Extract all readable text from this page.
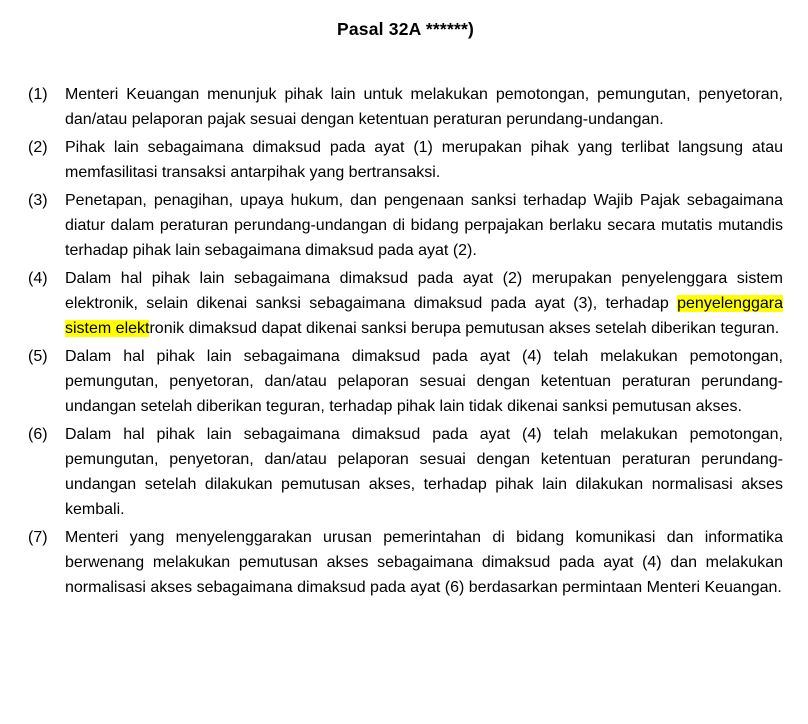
Pasal 32A ******)
(1)	Menteri Keuangan menunjuk pihak lain untuk melakukan pemotongan, pemungutan, penyetoran, dan/atau pelaporan pajak sesuai dengan ketentuan peraturan perundang-undangan.
(2)	Pihak lain sebagaimana dimaksud pada ayat (1) merupakan pihak yang terlibat langsung atau memfasilitasi transaksi antarpihak yang bertransaksi.
(3)	Penetapan, penagihan, upaya hukum, dan pengenaan sanksi terhadap Wajib Pajak sebagaimana diatur dalam peraturan perundang-undangan di bidang perpajakan berlaku secara mutatis mutandis terhadap pihak lain sebagaimana dimaksud pada ayat (2).
(4)	Dalam hal pihak lain sebagaimana dimaksud pada ayat (2) merupakan penyelenggara sistem elektronik, selain dikenai sanksi sebagaimana dimaksud pada ayat (3), terhadap penyelenggara sistem elektronik dimaksud dapat dikenai sanksi berupa pemutusan akses setelah diberikan teguran.
(5)	Dalam hal pihak lain sebagaimana dimaksud pada ayat (4) telah melakukan pemotongan, pemungutan, penyetoran, dan/atau pelaporan sesuai dengan ketentuan peraturan perundang-undangan setelah diberikan teguran, terhadap pihak lain tidak dikenai sanksi pemutusan akses.
(6)	Dalam hal pihak lain sebagaimana dimaksud pada ayat (4) telah melakukan pemotongan, pemungutan, penyetoran, dan/atau pelaporan sesuai dengan ketentuan peraturan perundang-undangan setelah dilakukan pemutusan akses, terhadap pihak lain dilakukan normalisasi akses kembali.
(7)	Menteri yang menyelenggarakan urusan pemerintahan di bidang komunikasi dan informatika berwenang melakukan pemutusan akses sebagaimana dimaksud pada ayat (4) dan melakukan normalisasi akses sebagaimana dimaksud pada ayat (6) berdasarkan permintaan Menteri Keuangan.
